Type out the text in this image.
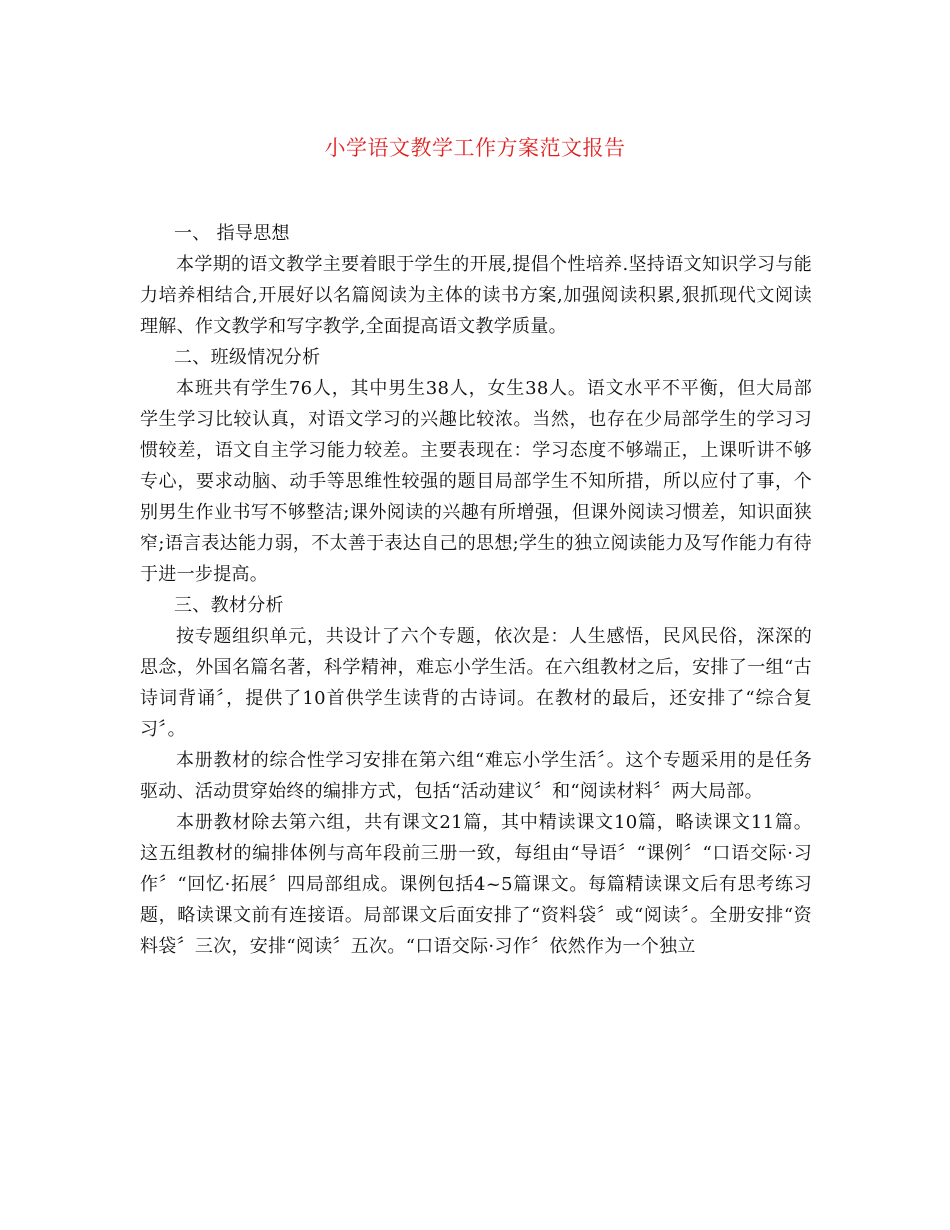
小学语文教学工作方案范文报告

一、 指导思想

本学期的语文教学主要着眼于学生的开展,提倡个性培养.坚持语文知识学习与能力培养相结合,开展好以名篇阅读为主体的读书方案,加强阅读积累,狠抓现代文阅读理解、作文教学和写字教学,全面提高语文教学质量。

二、班级情况分析

本班共有学生76人，其中男生38人，女生38人。语文水平不平衡，但大局部学生学习比较认真，对语文学习的兴趣比较浓。当然，也存在少局部学生的学习习惯较差，语文自主学习能力较差。主要表现在：学习态度不够端正，上课听讲不够专心，要求动脑、动手等思维性较强的题目局部学生不知所措，所以应付了事，个别男生作业书写不够整洁;课外阅读的兴趣有所增强，但课外阅读习惯差，知识面狭窄;语言表达能力弱，不太善于表达自己的思想;学生的独立阅读能力及写作能力有待于进一步提高。

三、教材分析

按专题组织单元，共设计了六个专题，依次是：人生感悟，民风民俗，深深的思念，外国名篇名著，科学精神，难忘小学生活。在六组教材之后，安排了一组“古诗词背诵〞，提供了10首供学生读背的古诗词。在教材的最后，还安排了“综合复习〞。

本册教材的综合性学习安排在第六组“难忘小学生活〞。这个专题采用的是任务驱动、活动贯穿始终的编排方式，包括“活动建议〞和“阅读材料〞两大局部。

本册教材除去第六组，共有课文21篇，其中精读课文10篇，略读课文11篇。这五组教材的编排体例与高年段前三册一致，每组由“导语〞“课例〞“口语交际·习作〞“回忆·拓展〞四局部组成。课例包括4~5篇课文。每篇精读课文后有思考练习题，略读课文前有连接语。局部课文后面安排了“资料袋〞或“阅读〞。全册安排“资料袋〞三次，安排“阅读〞五次。“口语交际·习作〞依然作为一个独立
